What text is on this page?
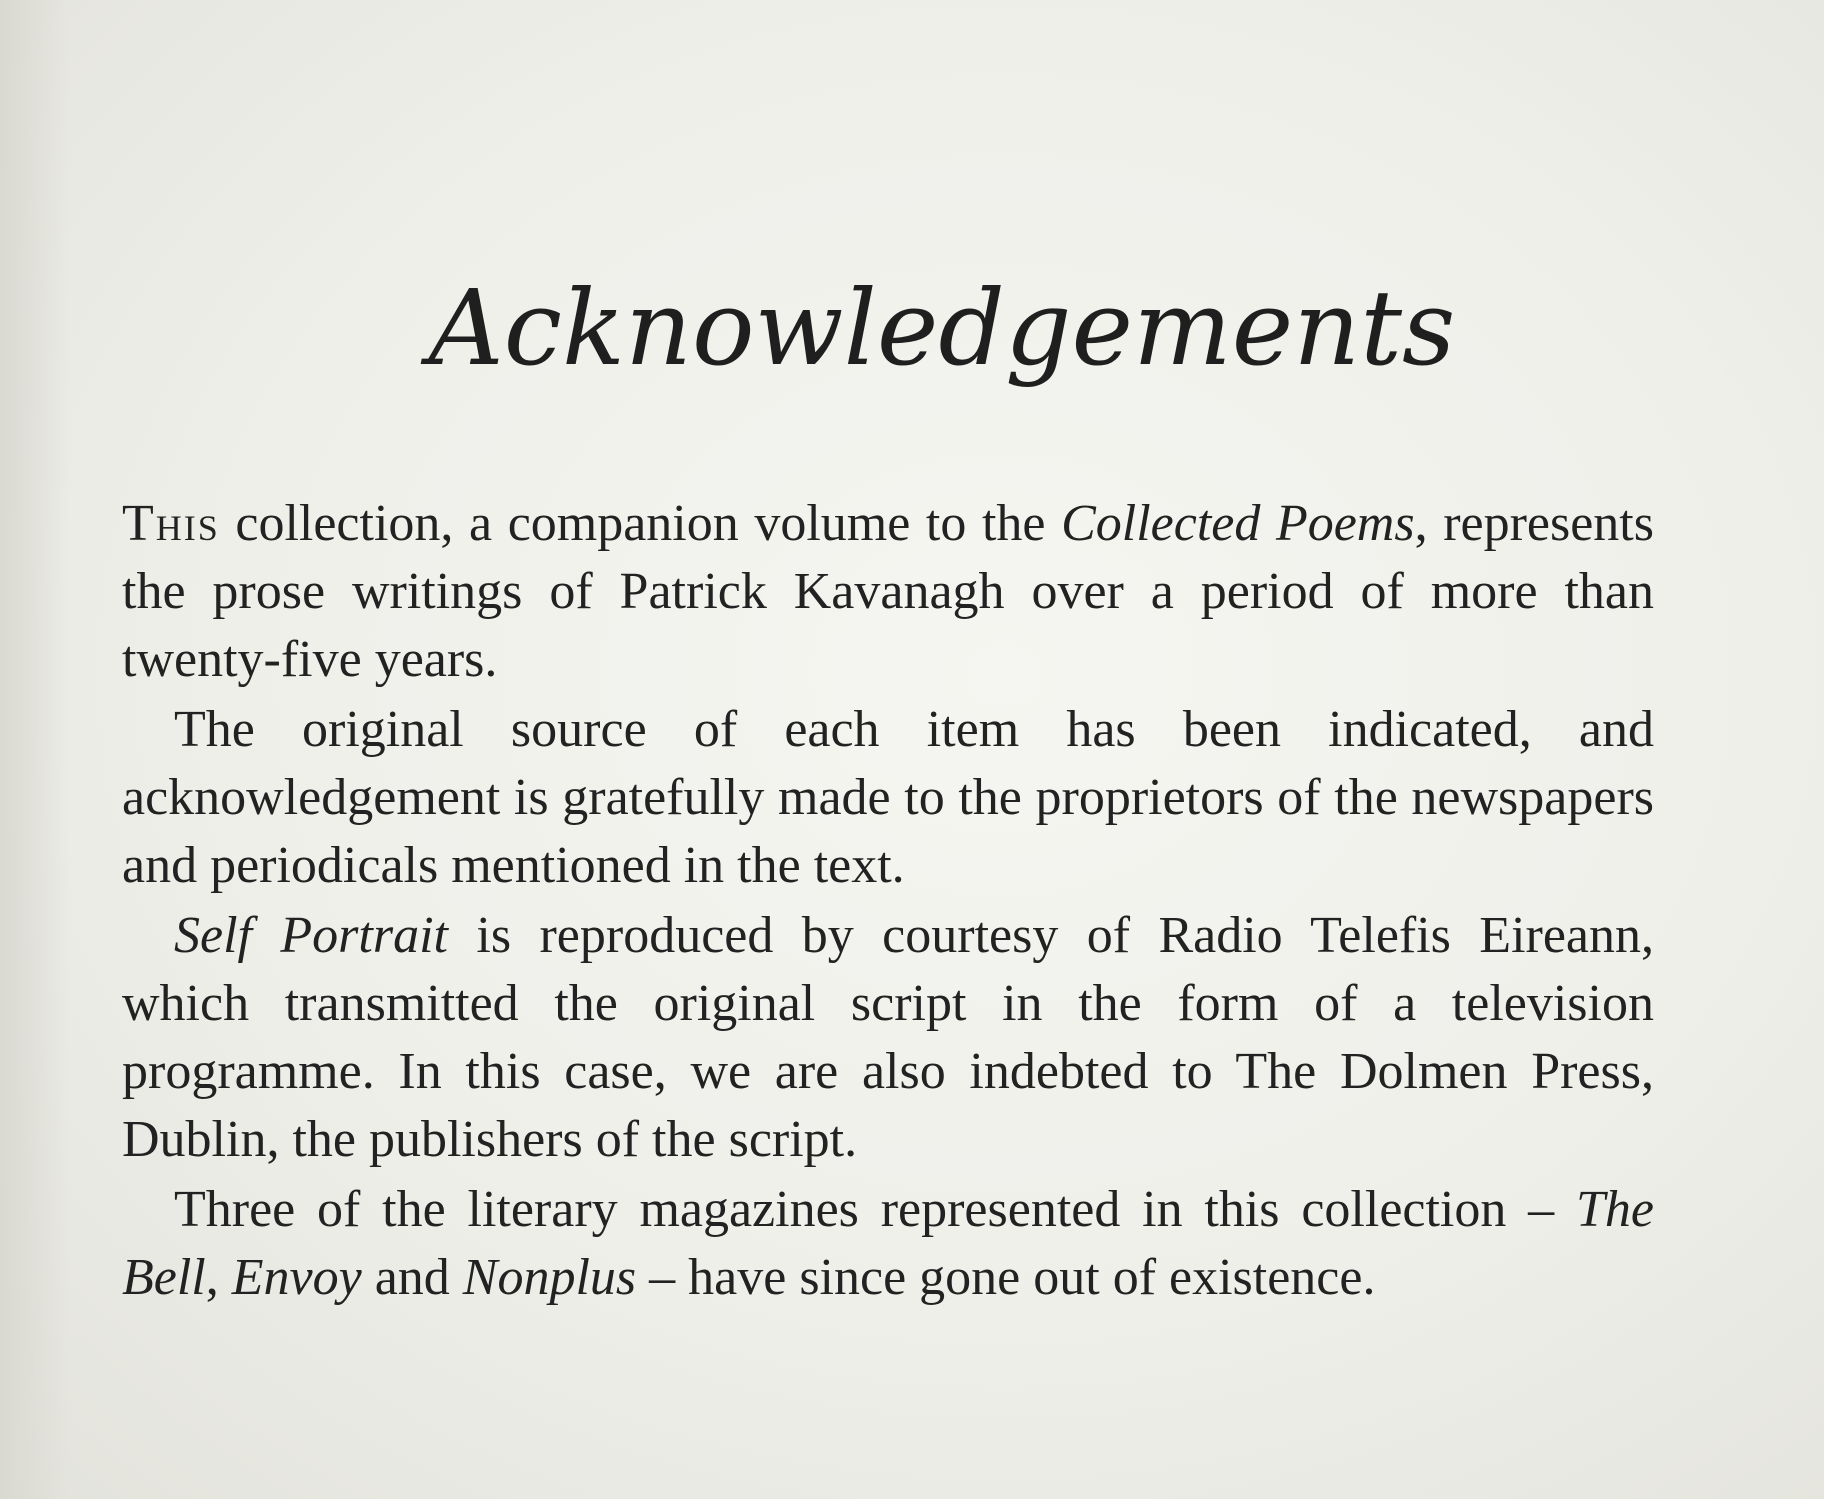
Acknowledgements

This collection, a companion volume to the Collected Poems, represents the prose writings of Patrick Kavanagh over a period of more than twenty-five years.

The original source of each item has been indicated, and acknowledgement is gratefully made to the proprietors of the newspapers and periodicals mentioned in the text.

Self Portrait is reproduced by courtesy of Radio Telefis Eireann, which transmitted the original script in the form of a television programme. In this case, we are also indebted to The Dolmen Press, Dublin, the publishers of the script.

Three of the literary magazines represented in this collection – The Bell, Envoy and Nonplus – have since gone out of existence.
